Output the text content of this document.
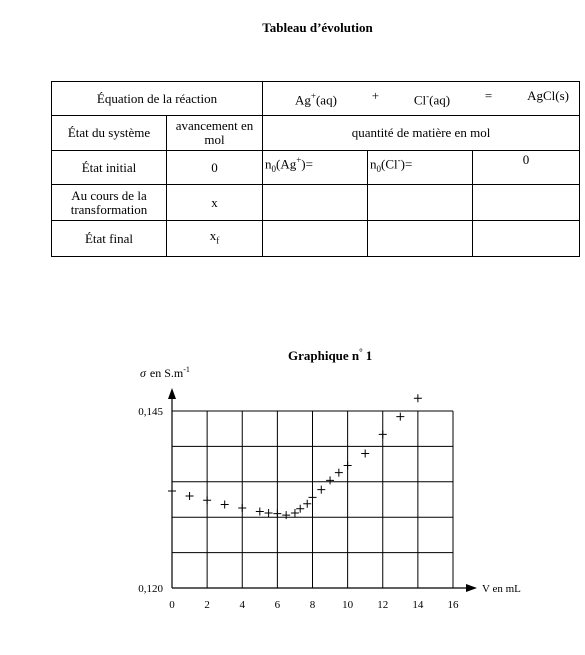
Tableau d’évolution
Équation de la réaction		Ag+(aq) + Cl-(aq) = AgCl(s)		

État du système	avancement en mol	quantité de matière en mol		
État initial	0	$n_0(Ag^+)=$	$n_0(Cl^-)=$	0
Au cours de la transformation	x			
État final	$x_f$			
Graphique n° 1
σ en $S.m^{-1}$
V en mL
0	2	4	6	8 10 12 14 16
0,120
0,145
